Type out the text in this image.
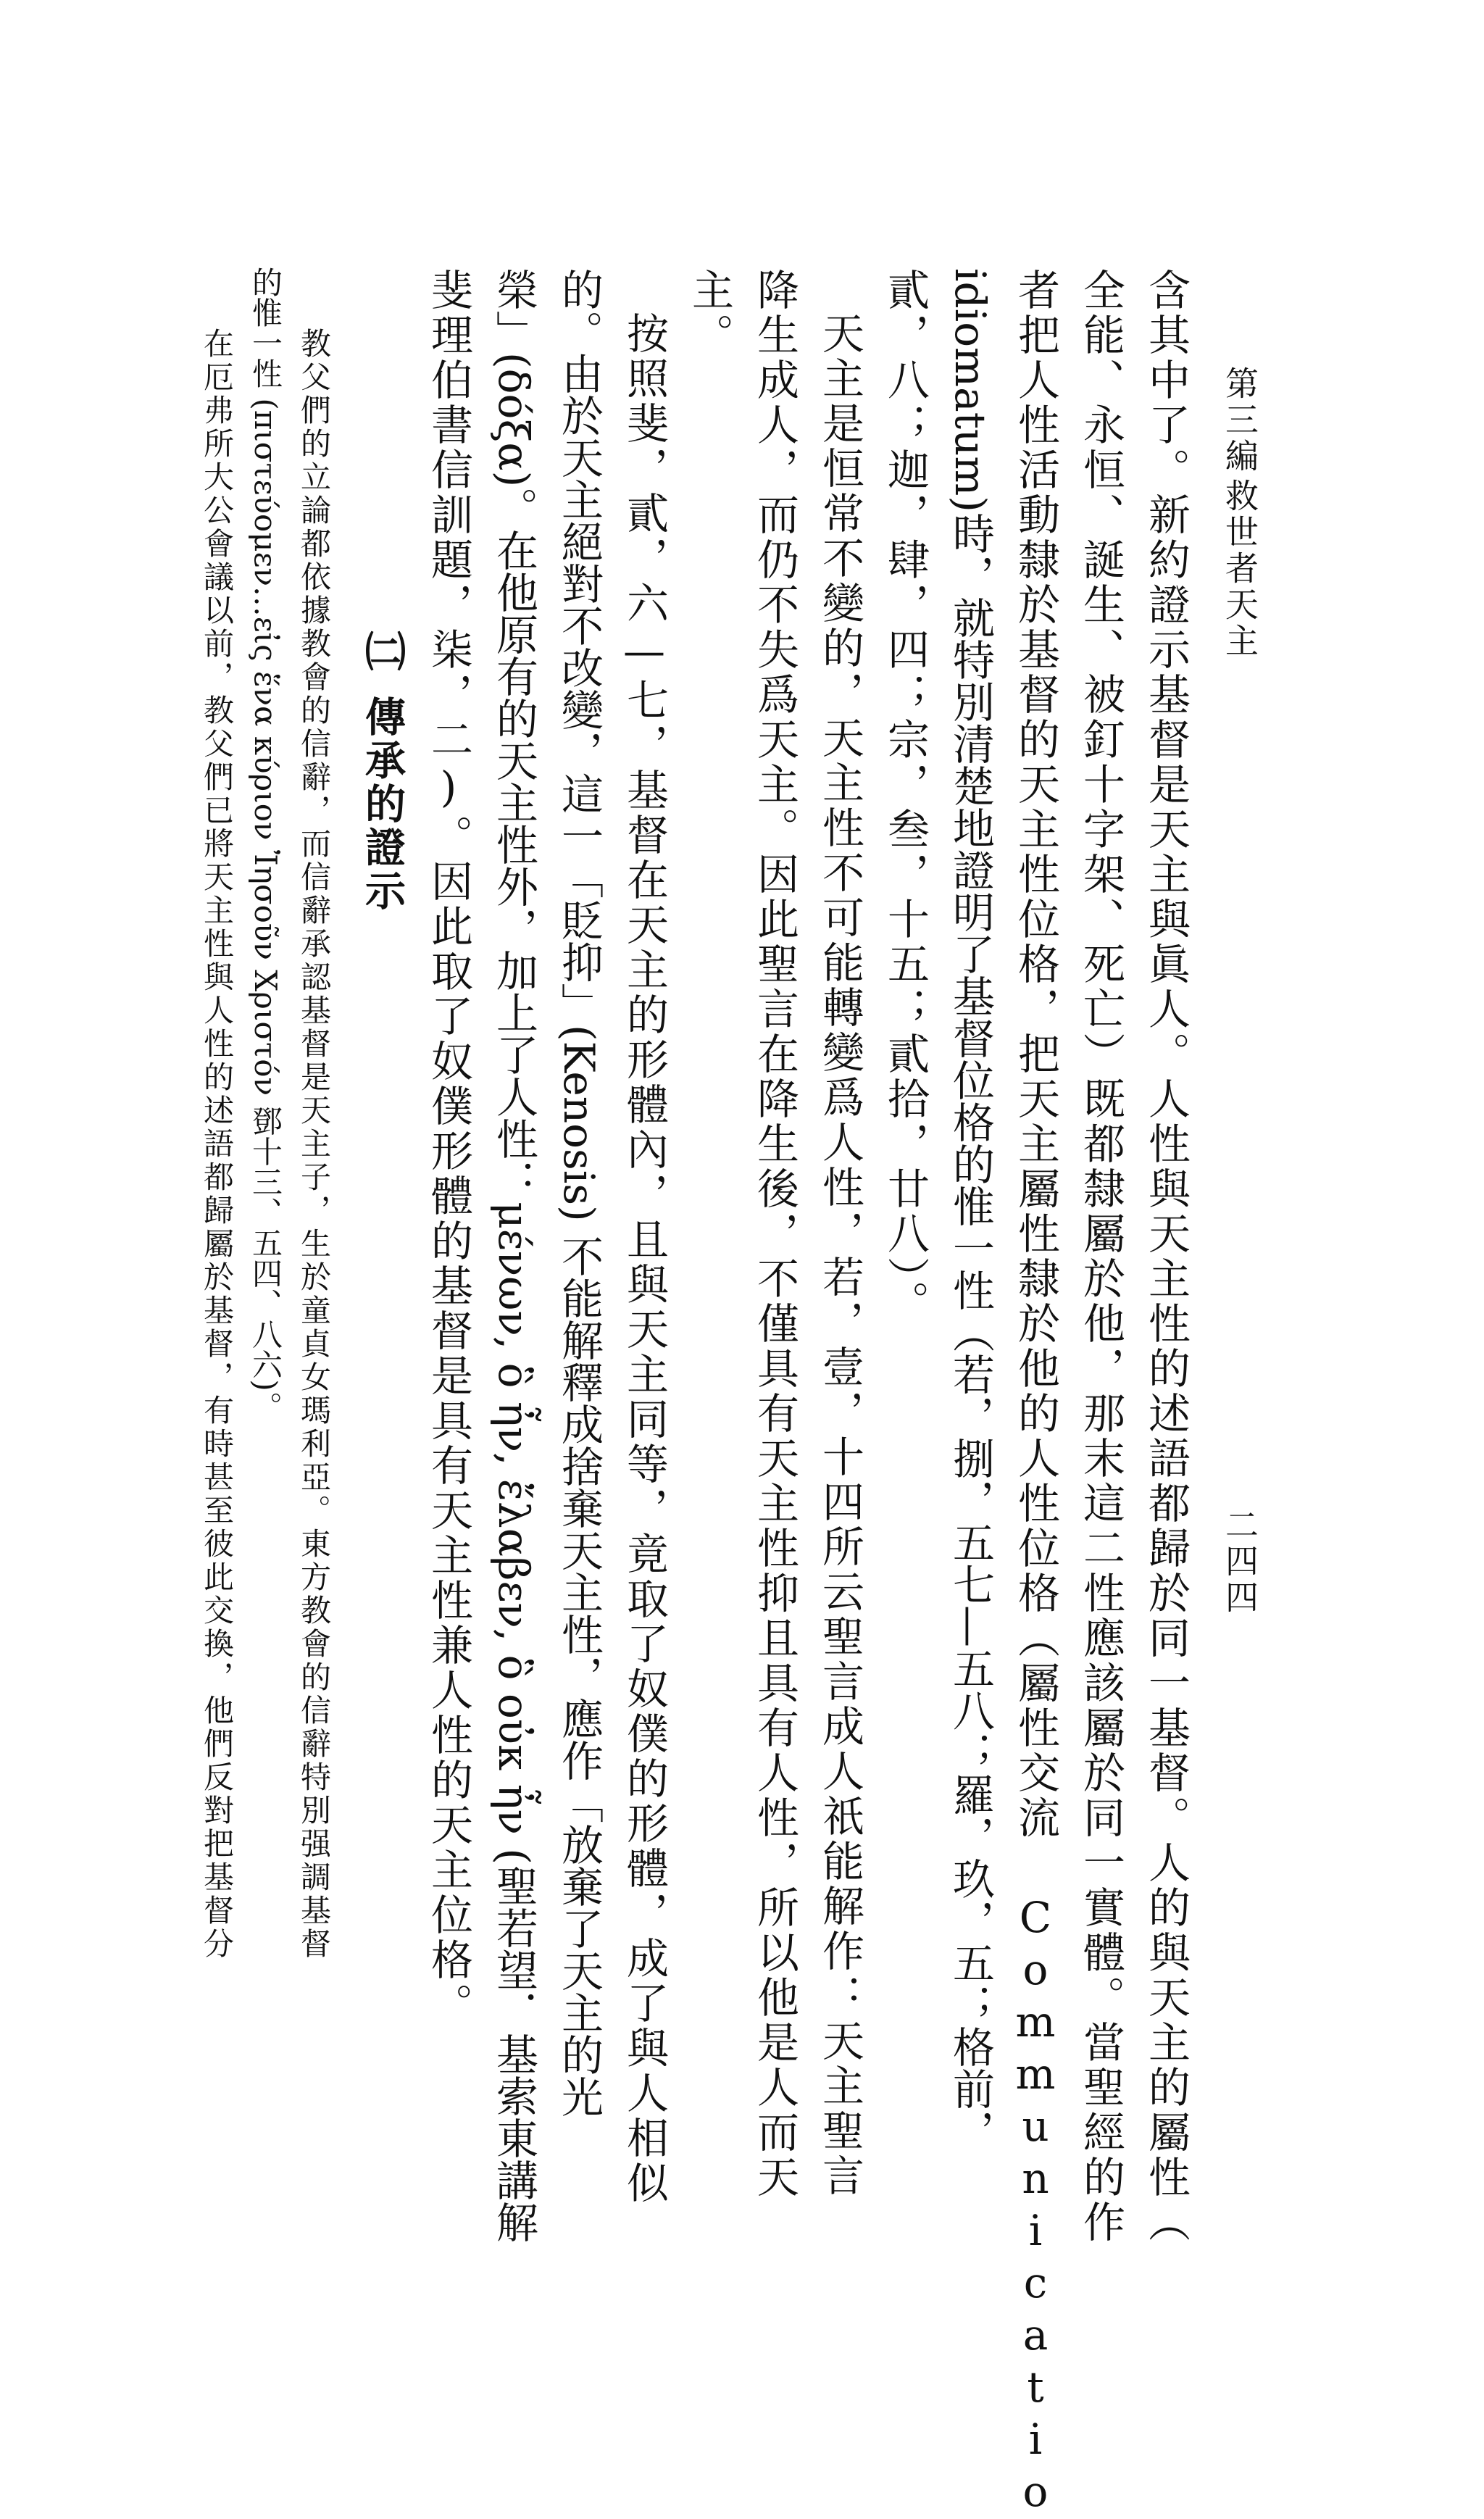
第三編
救世者天主
二四四
含其中了。新約證示基督是天主與眞人。人性與天主性的述語都歸於同一基督。人的與天主的屬性（
全能、永恒、誕生、被釘十字架、死亡）既都隸屬於他，那末這二性應該屬於同一實體。當聖經的作
者把人性活動隸於基督的天主性位格，把天主屬性隸於他的人性位格（屬性交流 Communicatio
idiomatum)時，就特別清楚地證明了基督位格的惟一性（若，捌，五七—五八；羅，玖，五；格前，
貳，八；迦，肆，四；宗，叁，十五；貳拾，廿八）。
天主是恒常不變的，天主性不可能轉變爲人性，若，壹，十四所云聖言成人祇能解作：天主聖言
降生成人，而仍不失爲天主。因此聖言在降生後，不僅具有天主性抑且具有人性，所以他是人而天
主。
按照斐，貳，六—七，基督在天主的形體內，且與天主同等，竟取了奴僕的形體，成了與人相似
的。由於天主絕對不改變，這一「貶抑」(Kenosis) 不能解釋成捨棄天主性，應作「放棄了天主的光
榮」(δόξα)。在他原有的天主性外，加上了人性：μένων, ὃ ἦν, ἔλαβεν, ὃ οὐκ ἦν (聖若望．基索東講解
斐理伯書信訓題，柒，二)。因此取了奴僕形體的基督是具有天主性兼人性的天主位格。
㈡
傳承的證示
教父們的立論都依據教會的信辭，而信辭承認基督是天主子，生於童貞女瑪利亞。東方教會的信辭特別强調基督
的惟一性 (πιστεύομεν…εἰς ἕνα κύριον Ἰησοῦν Χριστόν 鄧十三、五四、八六)。
在厄弗所大公會議以前，教父們已將天主性與人性的述語都歸屬於基督，有時甚至彼此交換，他們反對把基督分
